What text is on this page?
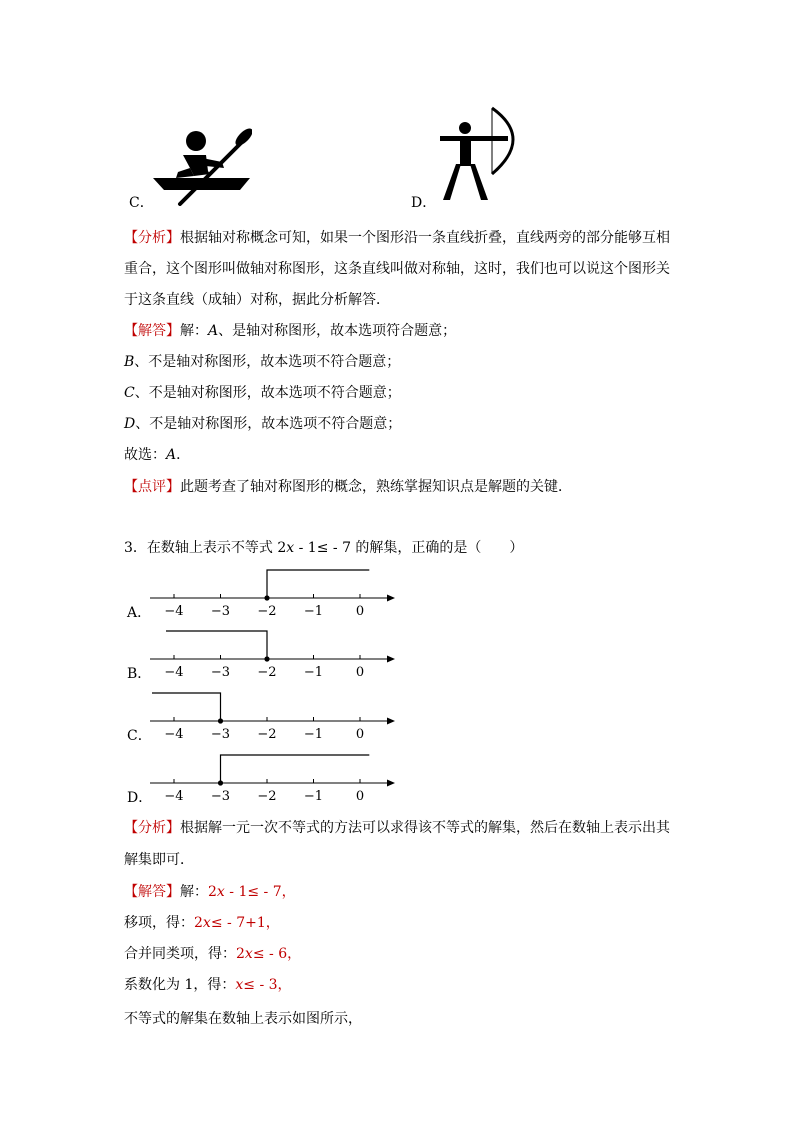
C．	D．
【分析】根据轴对称概念可知，如果一个图形沿一条直线折叠，直线两旁的部分能够互相
重合，这个图形叫做轴对称图形，这条直线叫做对称轴，这时，我们也可以说这个图形关
于这条直线（成轴）对称，据此分析解答．
【解答】解：A、是轴对称图形，故本选项符合题意；
B、不是轴对称图形，故本选项不符合题意；
C、不是轴对称图形，故本选项不符合题意；
D、不是轴对称图形，故本选项不符合题意；
故选：A．
【点评】此题考查了轴对称图形的概念，熟练掌握知识点是解题的关键．
3．在数轴上表示不等式 2x - 1≤ - 7 的解集，正确的是（　　）
A． −4 −3 −2 −1	0
B． −4 −3 −2 −1	0
C． −4 −3 −2 −1	0
D． −4 −3 −2 −1	0
【分析】根据解一元一次不等式的方法可以求得该不等式的解集，然后在数轴上表示出其
解集即可．
【解答】解：2x - 1≤ - 7，
移项，得：2x≤ - 7+1，
合并同类项，得：2x≤ - 6，
系数化为 1，得：x≤ - 3，
不等式的解集在数轴上表示如图所示，
